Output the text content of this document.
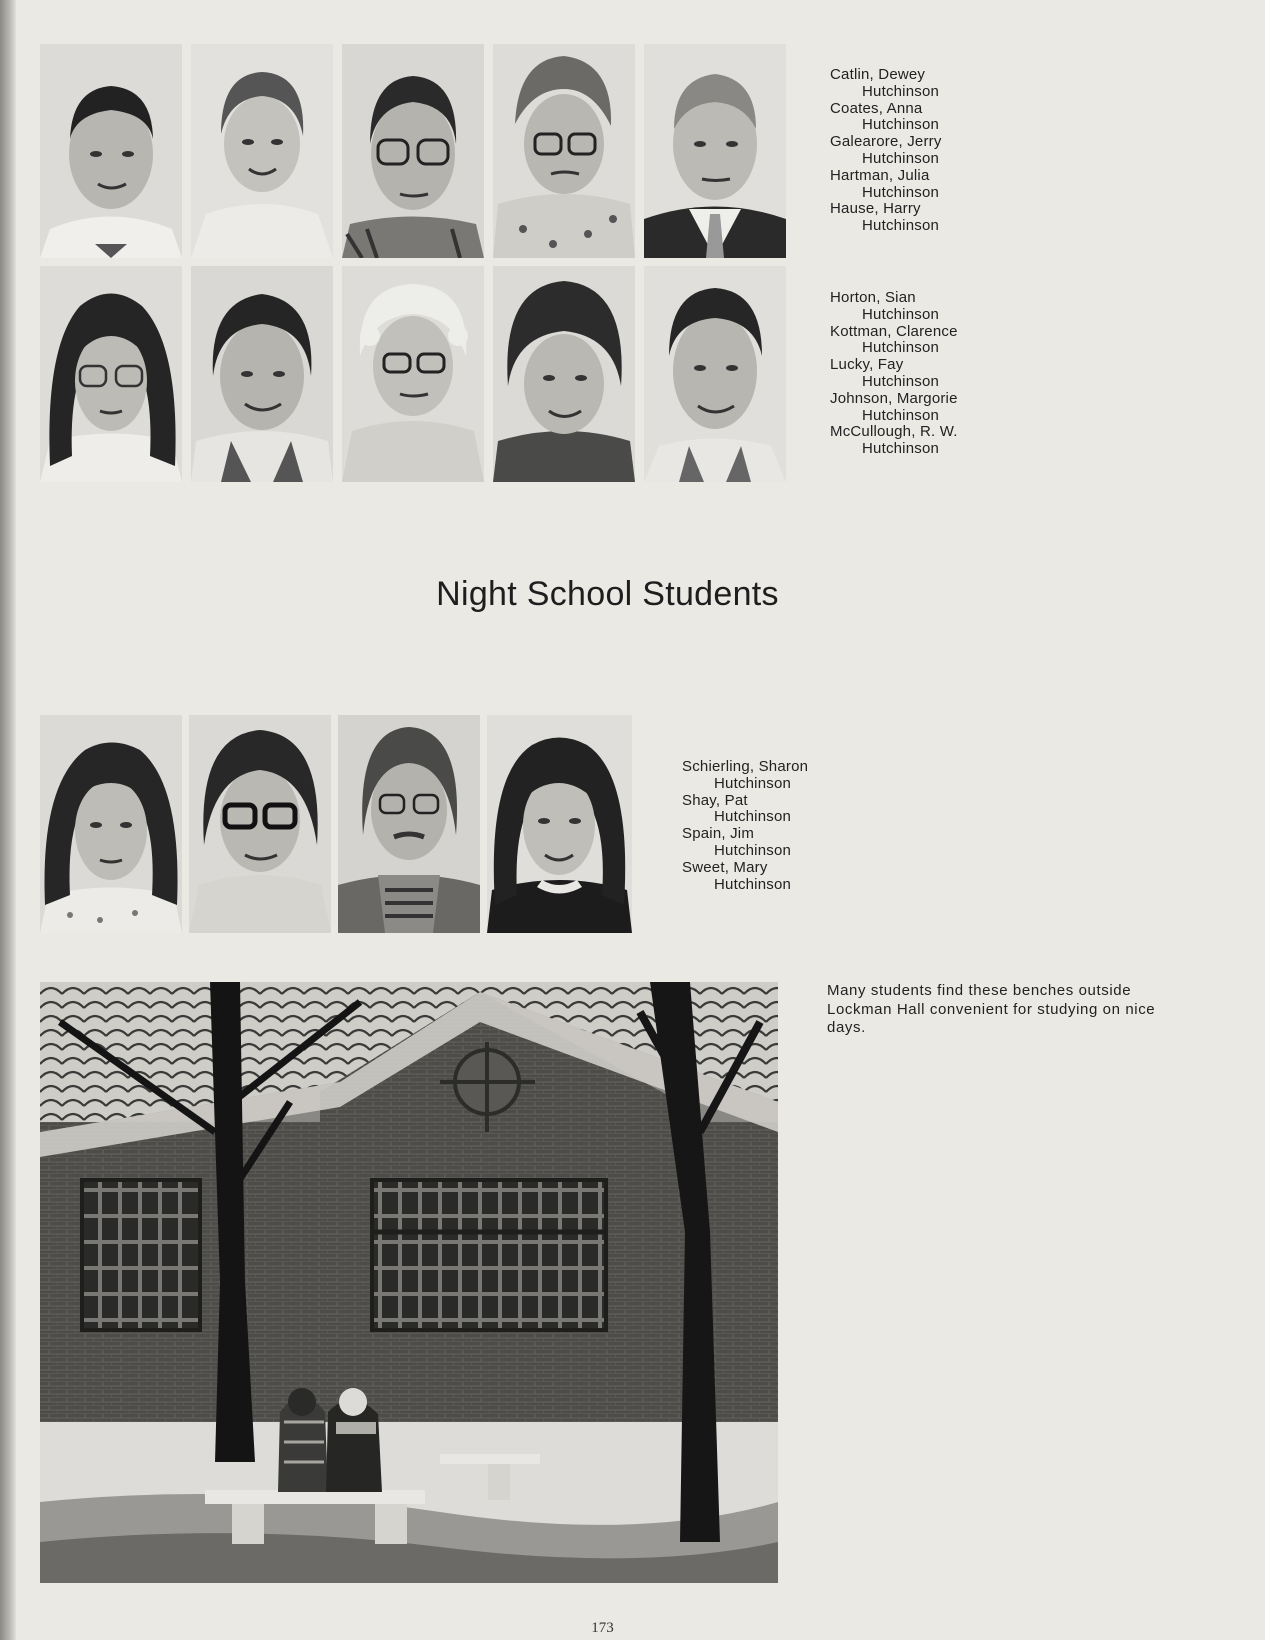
Catlin, Dewey
Hutchinson
Coates, Anna
Hutchinson
Galearore, Jerry
Hutchinson
Hartman, Julia
Hutchinson
Hause, Harry
Hutchinson
Horton, Sian
Hutchinson
Kottman, Clarence
Hutchinson
Lucky, Fay
Hutchinson
Johnson, Margorie
Hutchinson
McCullough, R. W.
Hutchinson
Night School Students
Schierling, Sharon
Hutchinson
Shay, Pat
Hutchinson
Spain, Jim
Hutchinson
Sweet, Mary
Hutchinson
Many students find these benches outside Lockman Hall convenient for studying on nice days.
173
